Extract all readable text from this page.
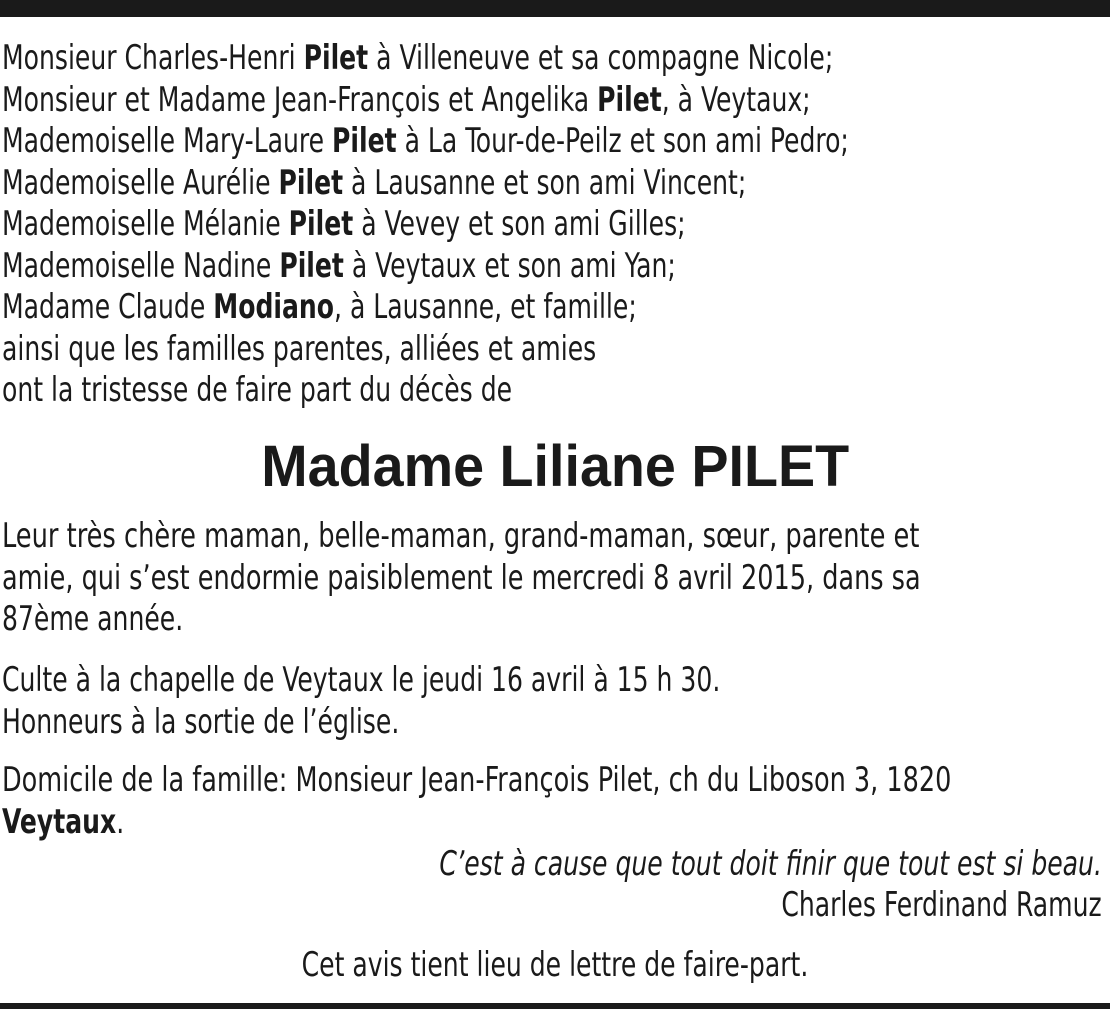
Monsieur Charles-Henri Pilet à Villeneuve et sa compagne Nicole;
Monsieur et Madame Jean-François et Angelika Pilet, à Veytaux;
Mademoiselle Mary-Laure Pilet à La Tour-de-Peilz et son ami Pedro;
Mademoiselle Aurélie Pilet à Lausanne et son ami Vincent;
Mademoiselle Mélanie Pilet à Vevey et son ami Gilles;
Mademoiselle Nadine Pilet à Veytaux et son ami Yan;
Madame Claude Modiano, à Lausanne, et famille;
ainsi que les familles parentes, alliées et amies
ont la tristesse de faire part du décès de
Madame Liliane PILET
Leur très chère maman, belle-maman, grand-maman, sœur, parente et
amie, qui s’est endormie paisiblement le mercredi 8 avril 2015, dans sa
87ème année.
Culte à la chapelle de Veytaux le jeudi 16 avril à 15 h 30.
Honneurs à la sortie de l’église.
Domicile de la famille: Monsieur Jean-François Pilet, ch du Liboson 3, 1820
Veytaux.
C’est à cause que tout doit finir que tout est si beau.
Charles Ferdinand Ramuz
Cet avis tient lieu de lettre de faire-part.
